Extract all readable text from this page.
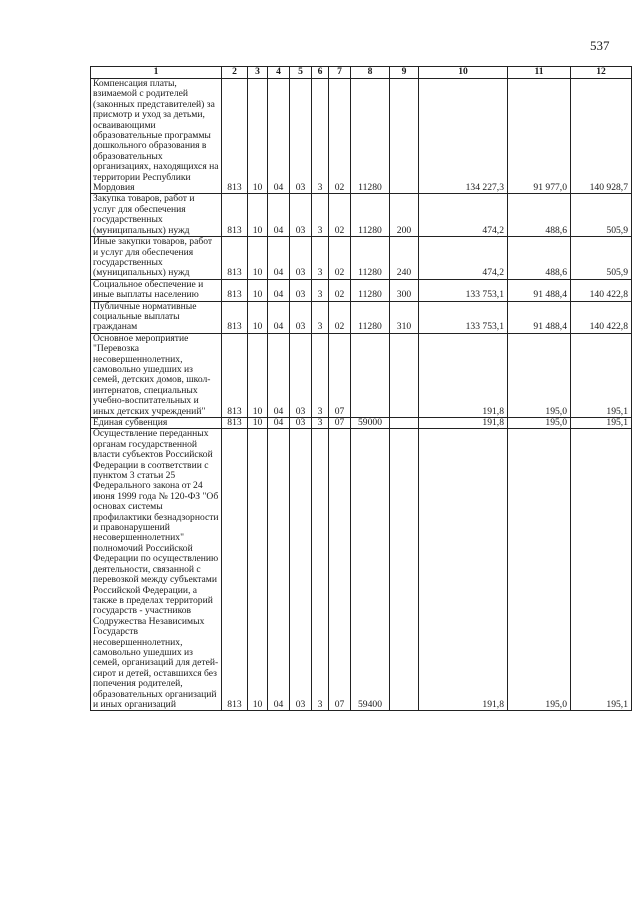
537
1	2	3	4	5	6	7	8	9	10	11	12
Компенсация платы, взимаемой с родителей (законных представителей) за присмотр и уход за детьми, осваивающими образовательные программы дошкольного образования в образовательных организациях, находящихся на территории Республики Мордовия	813	10	04	03	3	02	11280		134 227,3	91 977,0	140 928,7
Закупка товаров, работ и услуг для обеспечения государственных (муниципальных) нужд	813	10	04	03	3	02	11280	200	474,2	488,6	505,9
Иные закупки товаров, работ и услуг для обеспечения государственных (муниципальных) нужд	813	10	04	03	3	02	11280	240	474,2	488,6	505,9
Социальное обеспечение и иные выплаты населению	813	10	04	03	3	02	11280	300	133 753,1	91 488,4	140 422,8
Публичные нормативные социальные выплаты гражданам	813	10	04	03	3	02	11280	310	133 753,1	91 488,4	140 422,8
Основное мероприятие "Перевозка несовершеннолетних, самовольно ушедших из семей, детских домов, школ-интернатов, специальных учебно-воспитательных и иных детских учреждений"	813	10	04	03	3	07			191,8	195,0	195,1
Единая субвенция	813	10	04	03	3	07	59000		191,8	195,0	195,1
Осуществление переданных органам государственной власти субъектов Российской Федерации в соответствии с пунктом 3 статьи 25 Федерального закона от 24 июня 1999 года № 120-ФЗ "Об основах системы профилактики безнадзорности и правонарушений несовершеннолетних" полномочий Российской Федерации по осуществлению деятельности, связанной с перевозкой между субъектами Российской Федерации, а также в пределах территорий государств - участников Содружества Независимых Государств несовершеннолетних, самовольно ушедших из семей, организаций для детей-сирот и детей, оставшихся без попечения родителей, образовательных организаций и иных организаций	813	10	04	03	3	07	59400		191,8	195,0	195,1
